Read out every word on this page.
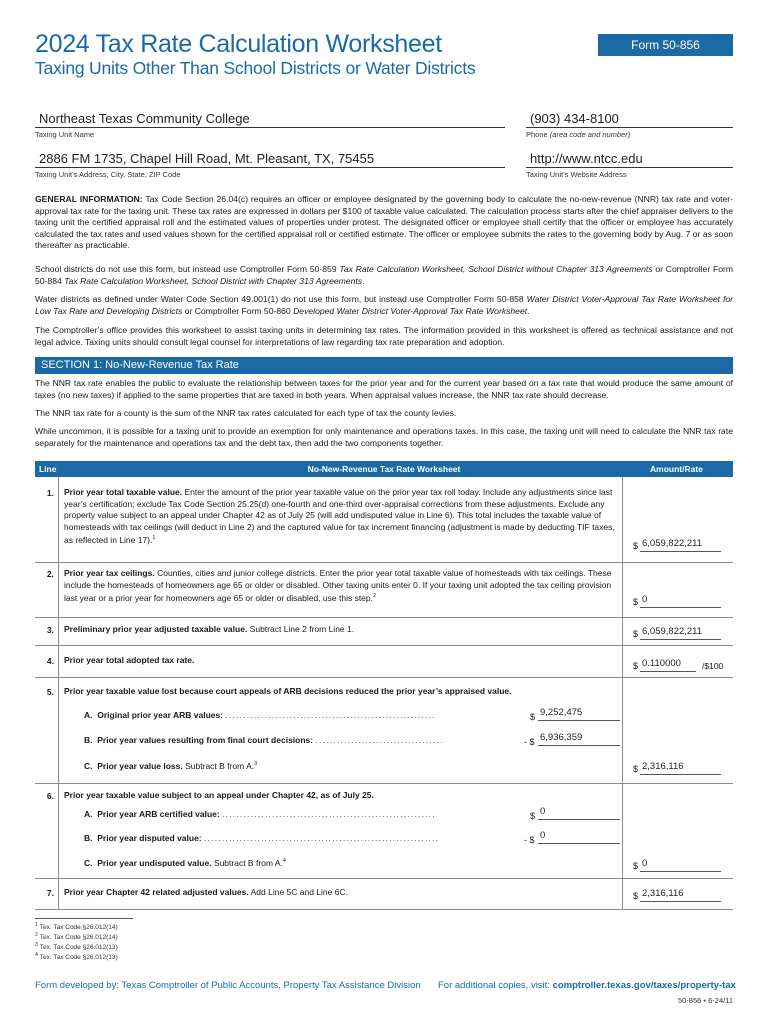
2024 Tax Rate Calculation Worksheet
Taxing Units Other Than School Districts or Water Districts
Form 50-856
Northeast Texas Community College
Taxing Unit Name
(903) 434-8100
Phone (area code and number)
2886 FM 1735, Chapel Hill Road, Mt. Pleasant, TX, 75455
Taxing Unit’s Address, City, State, ZIP Code
http://www.ntcc.edu
Taxing Unit’s Website Address
GENERAL INFORMATION: Tax Code Section 26.04(c) requires an officer or employee designated by the governing body to calculate the no-new-revenue (NNR) tax rate and voter-approval tax rate for the taxing unit. These tax rates are expressed in dollars per $100 of taxable value calculated. The calculation process starts after the chief appraiser delivers to the taxing unit the certified appraisal roll and the estimated values of properties under protest. The designated officer or employee shall certify that the officer or employee has accurately calculated the tax rates and used values shown for the certified appraisal roll or certified estimate. The officer or employee submits the rates to the governing body by Aug. 7 or as soon thereafter as practicable.
School districts do not use this form, but instead use Comptroller Form 50-859 Tax Rate Calculation Worksheet, School District without Chapter 313 Agreements or Comptroller Form 50-884 Tax Rate Calculation Worksheet, School District with Chapter 313 Agreements.
Water districts as defined under Water Code Section 49.001(1) do not use this form, but instead use Comptroller Form 50-858 Water District Voter-Approval Tax Rate Worksheet for Low Tax Rate and Developing Districts or Comptroller Form 50-860 Developed Water District Voter-Approval Tax Rate Worksheet.
The Comptroller’s office provides this worksheet to assist taxing units in determining tax rates. The information provided in this worksheet is offered as technical assistance and not legal advice. Taxing units should consult legal counsel for interpretations of law regarding tax rate preparation and adoption.
SECTION 1: No-New-Revenue Tax Rate
The NNR tax rate enables the public to evaluate the relationship between taxes for the prior year and for the current year based on a tax rate that would produce the same amount of taxes (no new taxes) if applied to the same properties that are taxed in both years. When appraisal values increase, the NNR tax rate should decrease.
The NNR tax rate for a county is the sum of the NNR tax rates calculated for each type of tax the county levies.
While uncommon, it is possible for a taxing unit to provide an exemption for only maintenance and operations taxes. In this case, the taxing unit will need to calculate the NNR tax rate separately for the maintenance and operations tax and the debt tax, then add the two components together.
Line	No-New-Revenue Tax Rate Worksheet	Amount/Rate
1. Prior year total taxable value. Enter the amount of the prior year taxable value on the prior year tax roll today. Include any adjustments since last year’s certification; exclude Tax Code Section 25.25(d) one-fourth and one-third over-appraisal corrections from these adjustments. Exclude any property value subject to an appeal under Chapter 42 as of July 25 (will add undisputed value in Line 6). This total includes the taxable value of homesteads with tax ceilings (will deduct in Line 2) and the captured value for tax increment financing (adjustment is made by deducting TIF taxes, as reflected in Line 17).$^1$
$ 6,059,822,211
2. Prior year tax ceilings. Counties, cities and junior college districts. Enter the prior year total taxable value of homesteads with tax ceilings. These include the homesteads of homeowners age 65 or older or disabled. Other taxing units enter 0. If your taxing unit adopted the tax ceiling provision last year or a prior year for homeowners age 65 or older or disabled, use this step.$^2$
$ 0
3. Preliminary prior year adjusted taxable value. Subtract Line 2 from Line 1.	$ 6,059,822,211
4. Prior year total adopted tax rate.
$ 0.110000 /$100
5. Prior year taxable value lost because court appeals of ARB decisions reduced the prior year’s appraised value.
A. Original prior year ARB values: ...........................................................	$ 9,252,475
B. Prior year values resulting from final court decisions: ....................................	- $ 6,936,359
C. Prior year value loss. Subtract B from A.$^3$	$ 2,316,116
6. Prior year taxable value subject to an appeal under Chapter 42, as of July 25.
A. Prior year ARB certified value: ............................................................	$ 0
B. Prior year disputed value: ..................................................................	- $ 0
C. Prior year undisputed value. Subtract B from A.$^4$	$ 0
7. Prior year Chapter 42 related adjusted values. Add Line 5C and Line 6C.	$ 2,316,116
$^1$ Tex. Tax Code §26.012(14)
$^2$ Tex. Tax Code §26.012(14)
$^3$ Tex. Tax Code §26.012(13)
$^4$ Tex. Tax Code §26.012(13)
Form developed by: Texas Comptroller of Public Accounts, Property Tax Assistance Division For additional copies, visit: comptroller.texas.gov/taxes/property-tax
50-856 • 6-24/11
